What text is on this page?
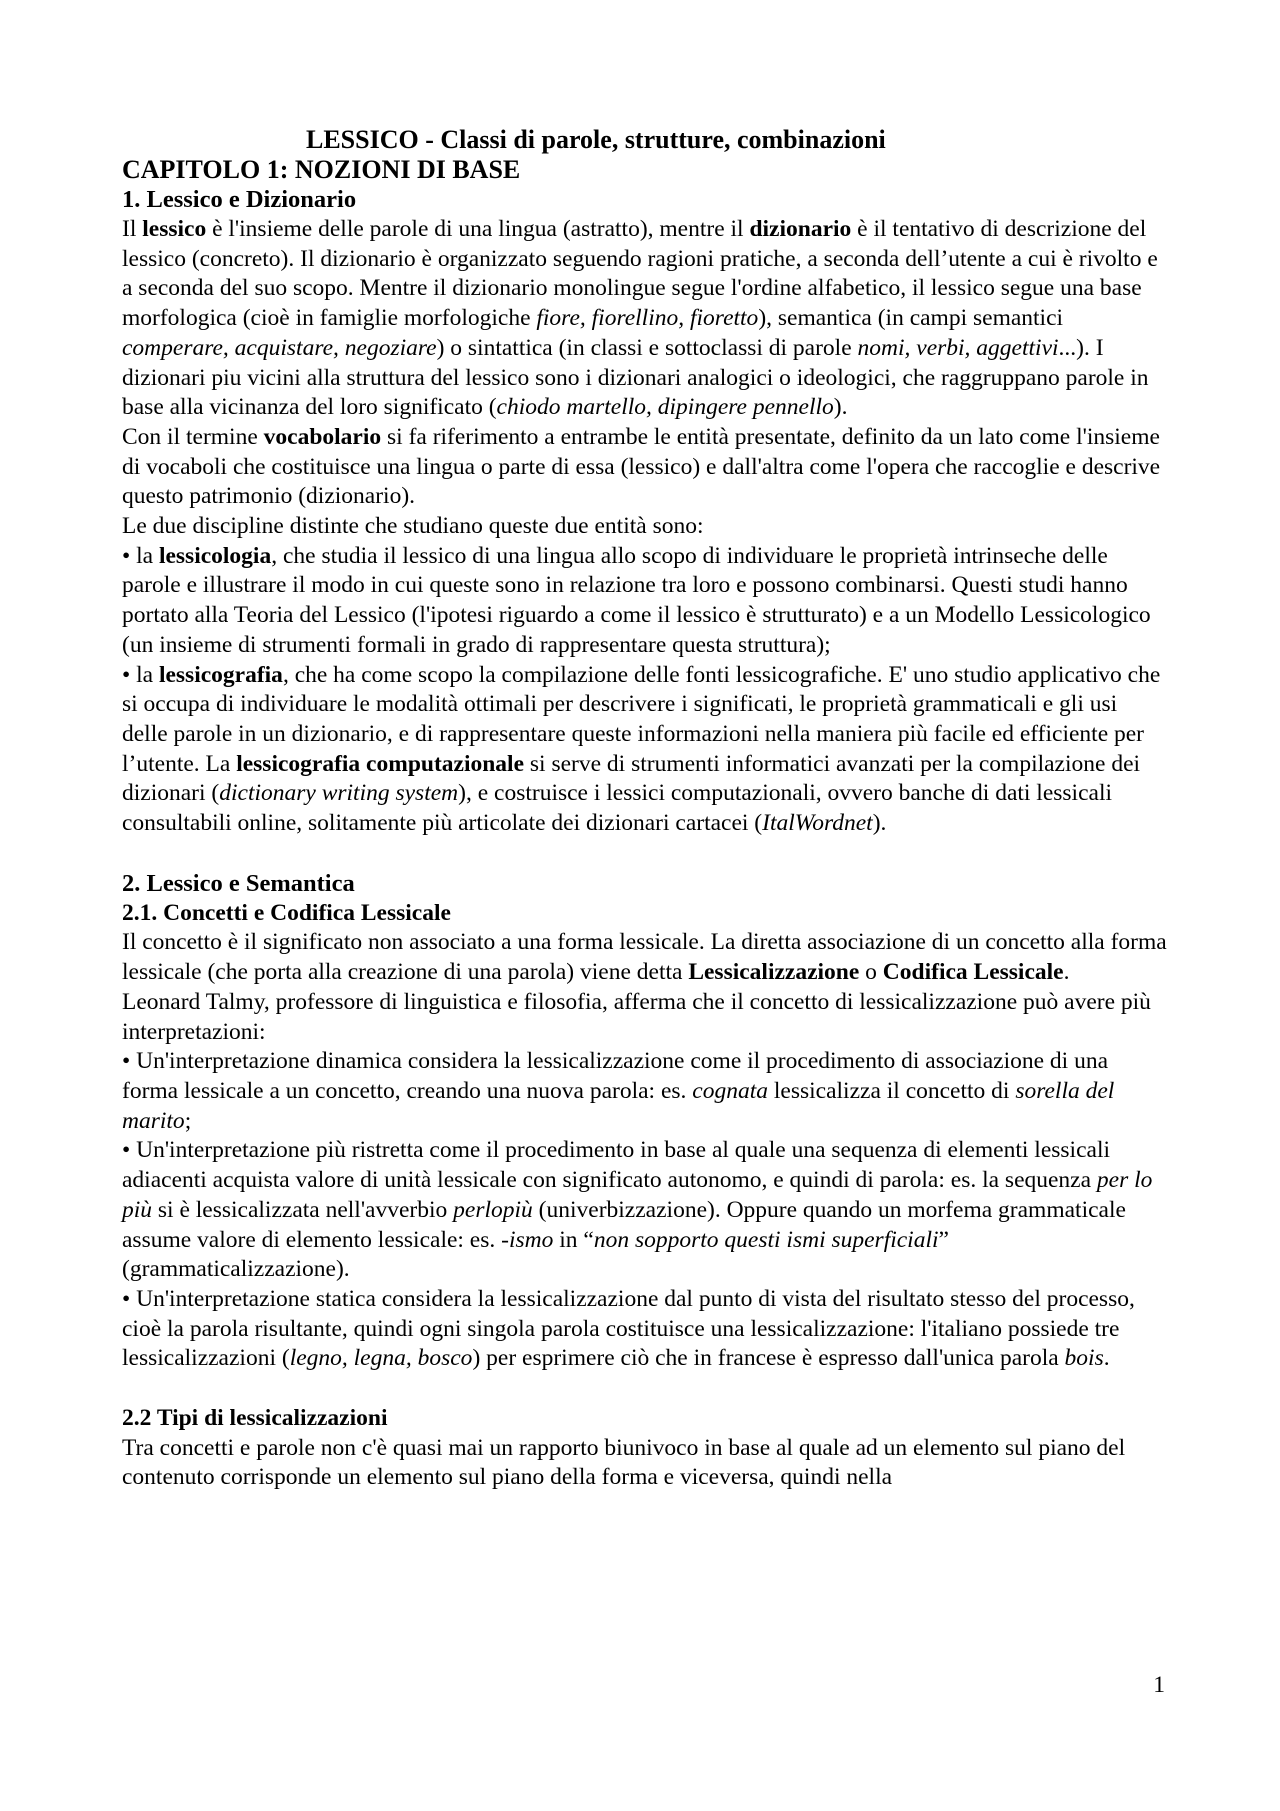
LESSICO - Classi di parole, strutture, combinazioni
CAPITOLO 1: NOZIONI DI BASE
1. Lessico e Dizionario

Il lessico è l'insieme delle parole di una lingua (astratto), mentre il dizionario è il tentativo di descrizione del lessico (concreto). Il dizionario è organizzato seguendo ragioni pratiche, a seconda dell’utente a cui è rivolto e a seconda del suo scopo. Mentre il dizionario monolingue segue l'ordine alfabetico, il lessico segue una base morfologica (cioè in famiglie morfologiche fiore, fiorellino, fioretto), semantica (in campi semantici comperare, acquistare, negoziare) o sintattica (in classi e sottoclassi di parole nomi, verbi, aggettivi...). I dizionari piu vicini alla struttura del lessico sono i dizionari analogici o ideologici, che raggruppano parole in base alla vicinanza del loro significato (chiodo martello, dipingere pennello).

Con il termine vocabolario si fa riferimento a entrambe le entità presentate, definito da un lato come l'insieme di vocaboli che costituisce una lingua o parte di essa (lessico) e dall'altra come l'opera che raccoglie e descrive questo patrimonio (dizionario).

Le due discipline distinte che studiano queste due entità sono:

• la lessicologia, che studia il lessico di una lingua allo scopo di individuare le proprietà intrinseche delle parole e illustrare il modo in cui queste sono in relazione tra loro e possono combinarsi. Questi studi hanno portato alla Teoria del Lessico (l'ipotesi riguardo a come il lessico è strutturato) e a un Modello Lessicologico (un insieme di strumenti formali in grado di rappresentare questa struttura);

• la lessicografia, che ha come scopo la compilazione delle fonti lessicografiche. E' uno studio applicativo che si occupa di individuare le modalità ottimali per descrivere i significati, le proprietà grammaticali e gli usi delle parole in un dizionario, e di rappresentare queste informazioni nella maniera più facile ed efficiente per l’utente. La lessicografia computazionale si serve di strumenti informatici avanzati per la compilazione dei dizionari (dictionary writing system), e costruisce i lessici computazionali, ovvero banche di dati lessicali consultabili online, solitamente più articolate dei dizionari cartacei (ItalWordnet).

2. Lessico e Semantica
2.1. Concetti e Codifica Lessicale

Il concetto è il significato non associato a una forma lessicale. La diretta associazione di un concetto alla forma lessicale (che porta alla creazione di una parola) viene detta Lessicalizzazione o Codifica Lessicale.

Leonard Talmy, professore di linguistica e filosofia, afferma che il concetto di lessicalizzazione può avere più interpretazioni:

• Un'interpretazione dinamica considera la lessicalizzazione come il procedimento di associazione di una forma lessicale a un concetto, creando una nuova parola: es. cognata lessicalizza il concetto di sorella del marito;

• Un'interpretazione più ristretta come il procedimento in base al quale una sequenza di elementi lessicali adiacenti acquista valore di unità lessicale con significato autonomo, e quindi di parola: es. la sequenza per lo più si è lessicalizzata nell'avverbio perlopiù (univerbizzazione). Oppure quando un morfema grammaticale assume valore di elemento lessicale: es. -ismo in “non sopporto questi ismi superficiali” (grammaticalizzazione).

• Un'interpretazione statica considera la lessicalizzazione dal punto di vista del risultato stesso del processo, cioè la parola risultante, quindi ogni singola parola costituisce una lessicalizzazione: l'italiano possiede tre lessicalizzazioni (legno, legna, bosco) per esprimere ciò che in francese è espresso dall'unica parola bois.

2.2 Tipi di lessicalizzazioni

Tra concetti e parole non c'è quasi mai un rapporto biunivoco in base al quale ad un elemento sul piano del contenuto corrisponde un elemento sul piano della forma e viceversa, quindi nella

1
